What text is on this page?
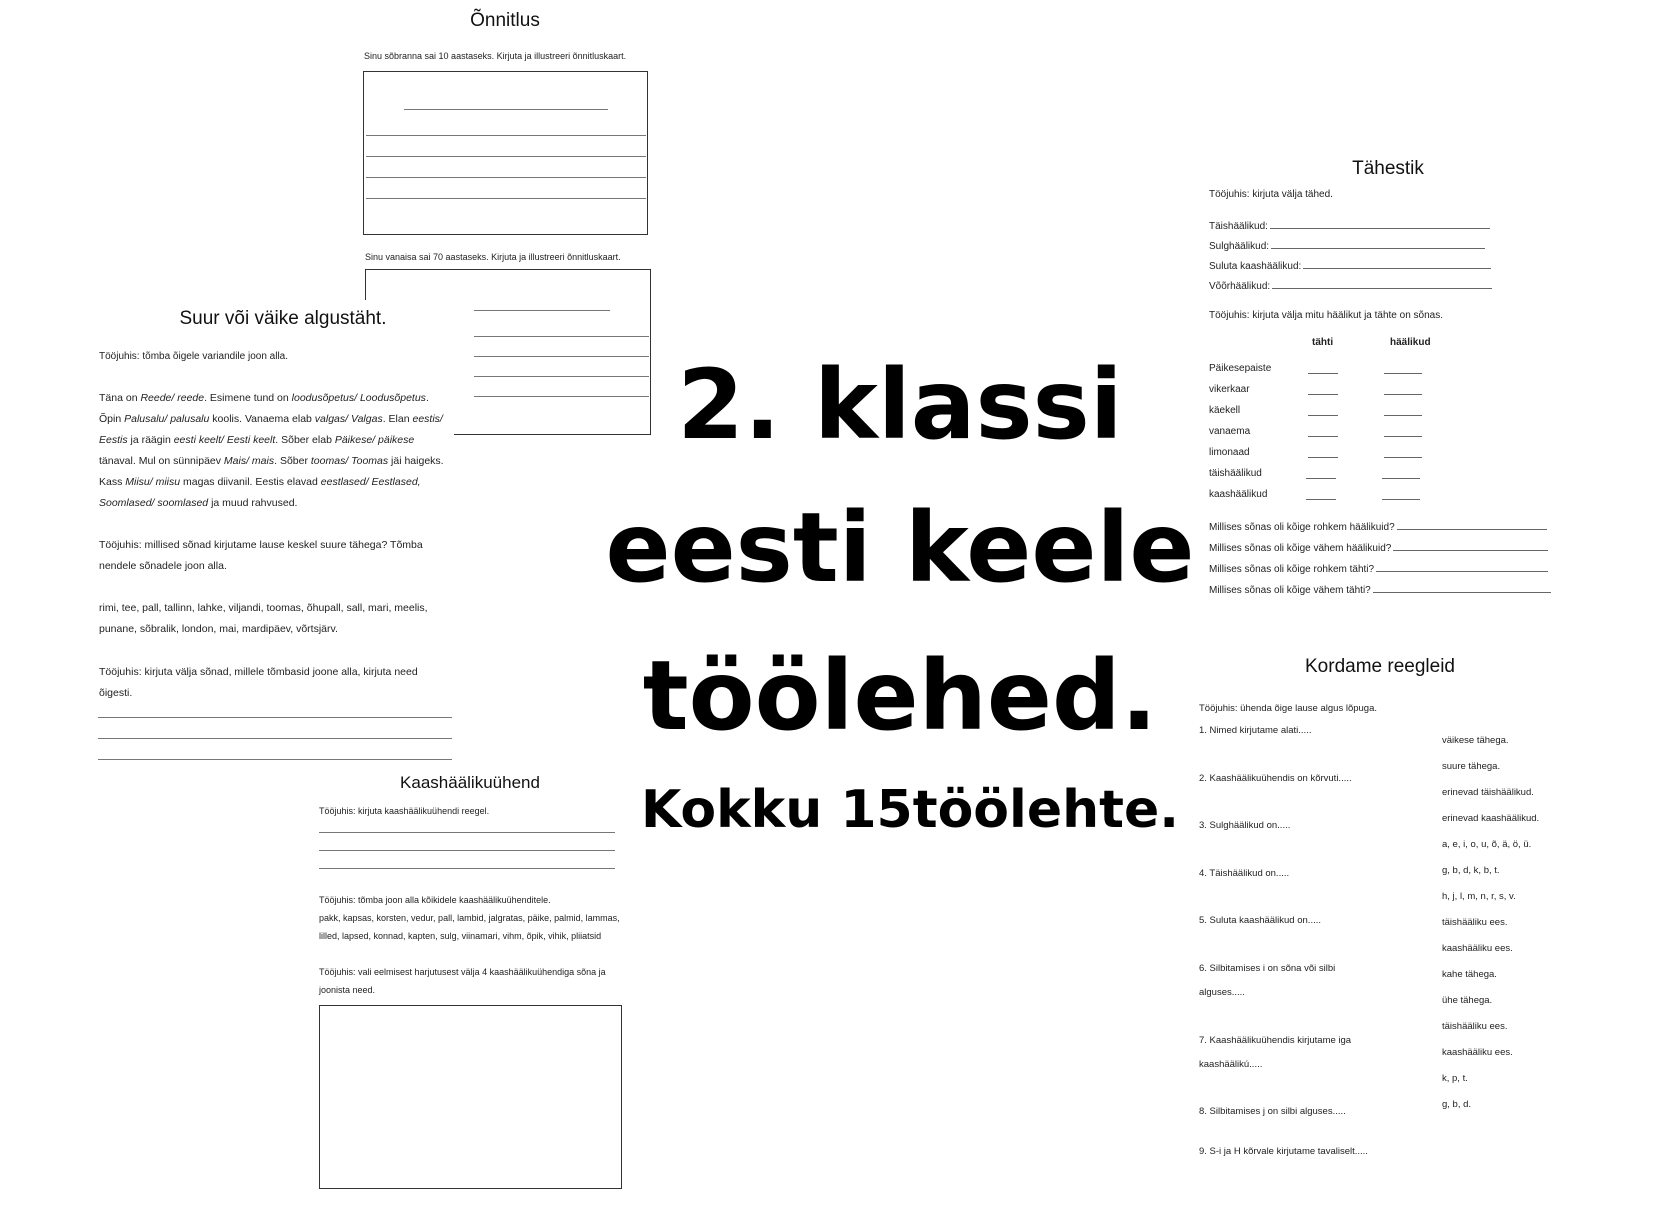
Õnnitlus
Sinu sõbranna sai 10 aastaseks. Kirjuta ja illustreeri õnnitluskaart.
Sinu vanaisa sai 70 aastaseks. Kirjuta ja illustreeri õnnitluskaart.
Suur või väike algustäht.
Tööjuhis: tõmba õigele variandile joon alla.
Täna on Reede/ reede. Esimene tund on loodusõpetus/ Loodusõpetus. Õpin Palusalu/ palusalu koolis. Vanaema elab valgas/ Valgas. Elan eestis/ Eestis ja räägin eesti keelt/ Eesti keelt. Sõber elab Päikese/ päikese tänaval. Mul on sünnipäev Mais/ mais. Sõber toomas/ Toomas jäi haigeks. Kass Miisu/ miisu magas diivanil. Eestis elavad eestlased/ Eestlased, Soomlased/ soomlased ja muud rahvused.
Tööjuhis: millised sõnad kirjutame lause keskel suure tähega? Tõmba nendele sõnadele joon alla.
rimi, tee, pall, tallinn, lahke, viljandi, toomas, õhupall, sall, mari, meelis, punane, sõbralik, london, mai, mardipäev, võrtsjärv.
Tööjuhis: kirjuta välja sõnad, millele tõmbasid joone alla, kirjuta need õigesti.
Kaashäälikuühend
Tööjuhis: kirjuta kaashäälikuühendi reegel.
Tööjuhis: tõmba joon alla kõikidele kaashäälikuühenditele.
pakk, kapsas, korsten, vedur, pall, lambid, jalgratas, päike, palmid, lammas,
lilled, lapsed, konnad, kapten, sulg, viinamari, vihm, õpik, vihik, pliiatsid
Tööjuhis: vali eelmisest harjutusest välja 4 kaashäälikuühendiga sõna ja joonista need.
Tähestik
Tööjuhis: kirjuta välja tähed.
Täishäälikud:
Sulghäälikud:
Suluta kaashäälikud:
Võõrhäälikud:
Tööjuhis: kirjuta välja mitu häälikut ja tähte on sõnas.
tähti	häälikud
Päikesepaiste
vikerkaar
käekell
vanaema
limonaad
täishäälikud
kaashäälikud
Millises sõnas oli kõige rohkem häälikuid?
Millises sõnas oli kõige vähem häälikuid?
Millises sõnas oli kõige rohkem tähti?
Millises sõnas oli kõige vähem tähti?
Kordame reegleid
Tööjuhis: ühenda õige lause algus lõpuga.
1. Nimed kirjutame alati.....
2. Kaashäälikuühendis on kõrvuti.....
3. Sulghäälikud on.....
4. Täishäälikud on.....
5. Suluta kaashäälikud on.....
6. Silbitamises i on sõna või silbi
alguses.....
7. Kaashäälikuühendis kirjutame iga
kaashäälikú.....
8. Silbitamises j on silbi alguses.....
9. S-i ja H kõrvale kirjutame tavaliselt.....
väikese tähega.
suure tähega.
erinevad täishäälikud.
erinevad kaashäälikud.
a, e, i, o, u, õ, ä, ö, ü.
g, b, d, k, b, t.
h, j, l, m, n, r, s, v.
täishääliku ees.
kaashääliku ees.
kahe tähega.
ühe tähega.
täishääliku ees.
kaashääliku ees.
k, p, t.
g, b, d.
2. klassi
eesti keele
töölehed.
Kokku 15töölehte.
